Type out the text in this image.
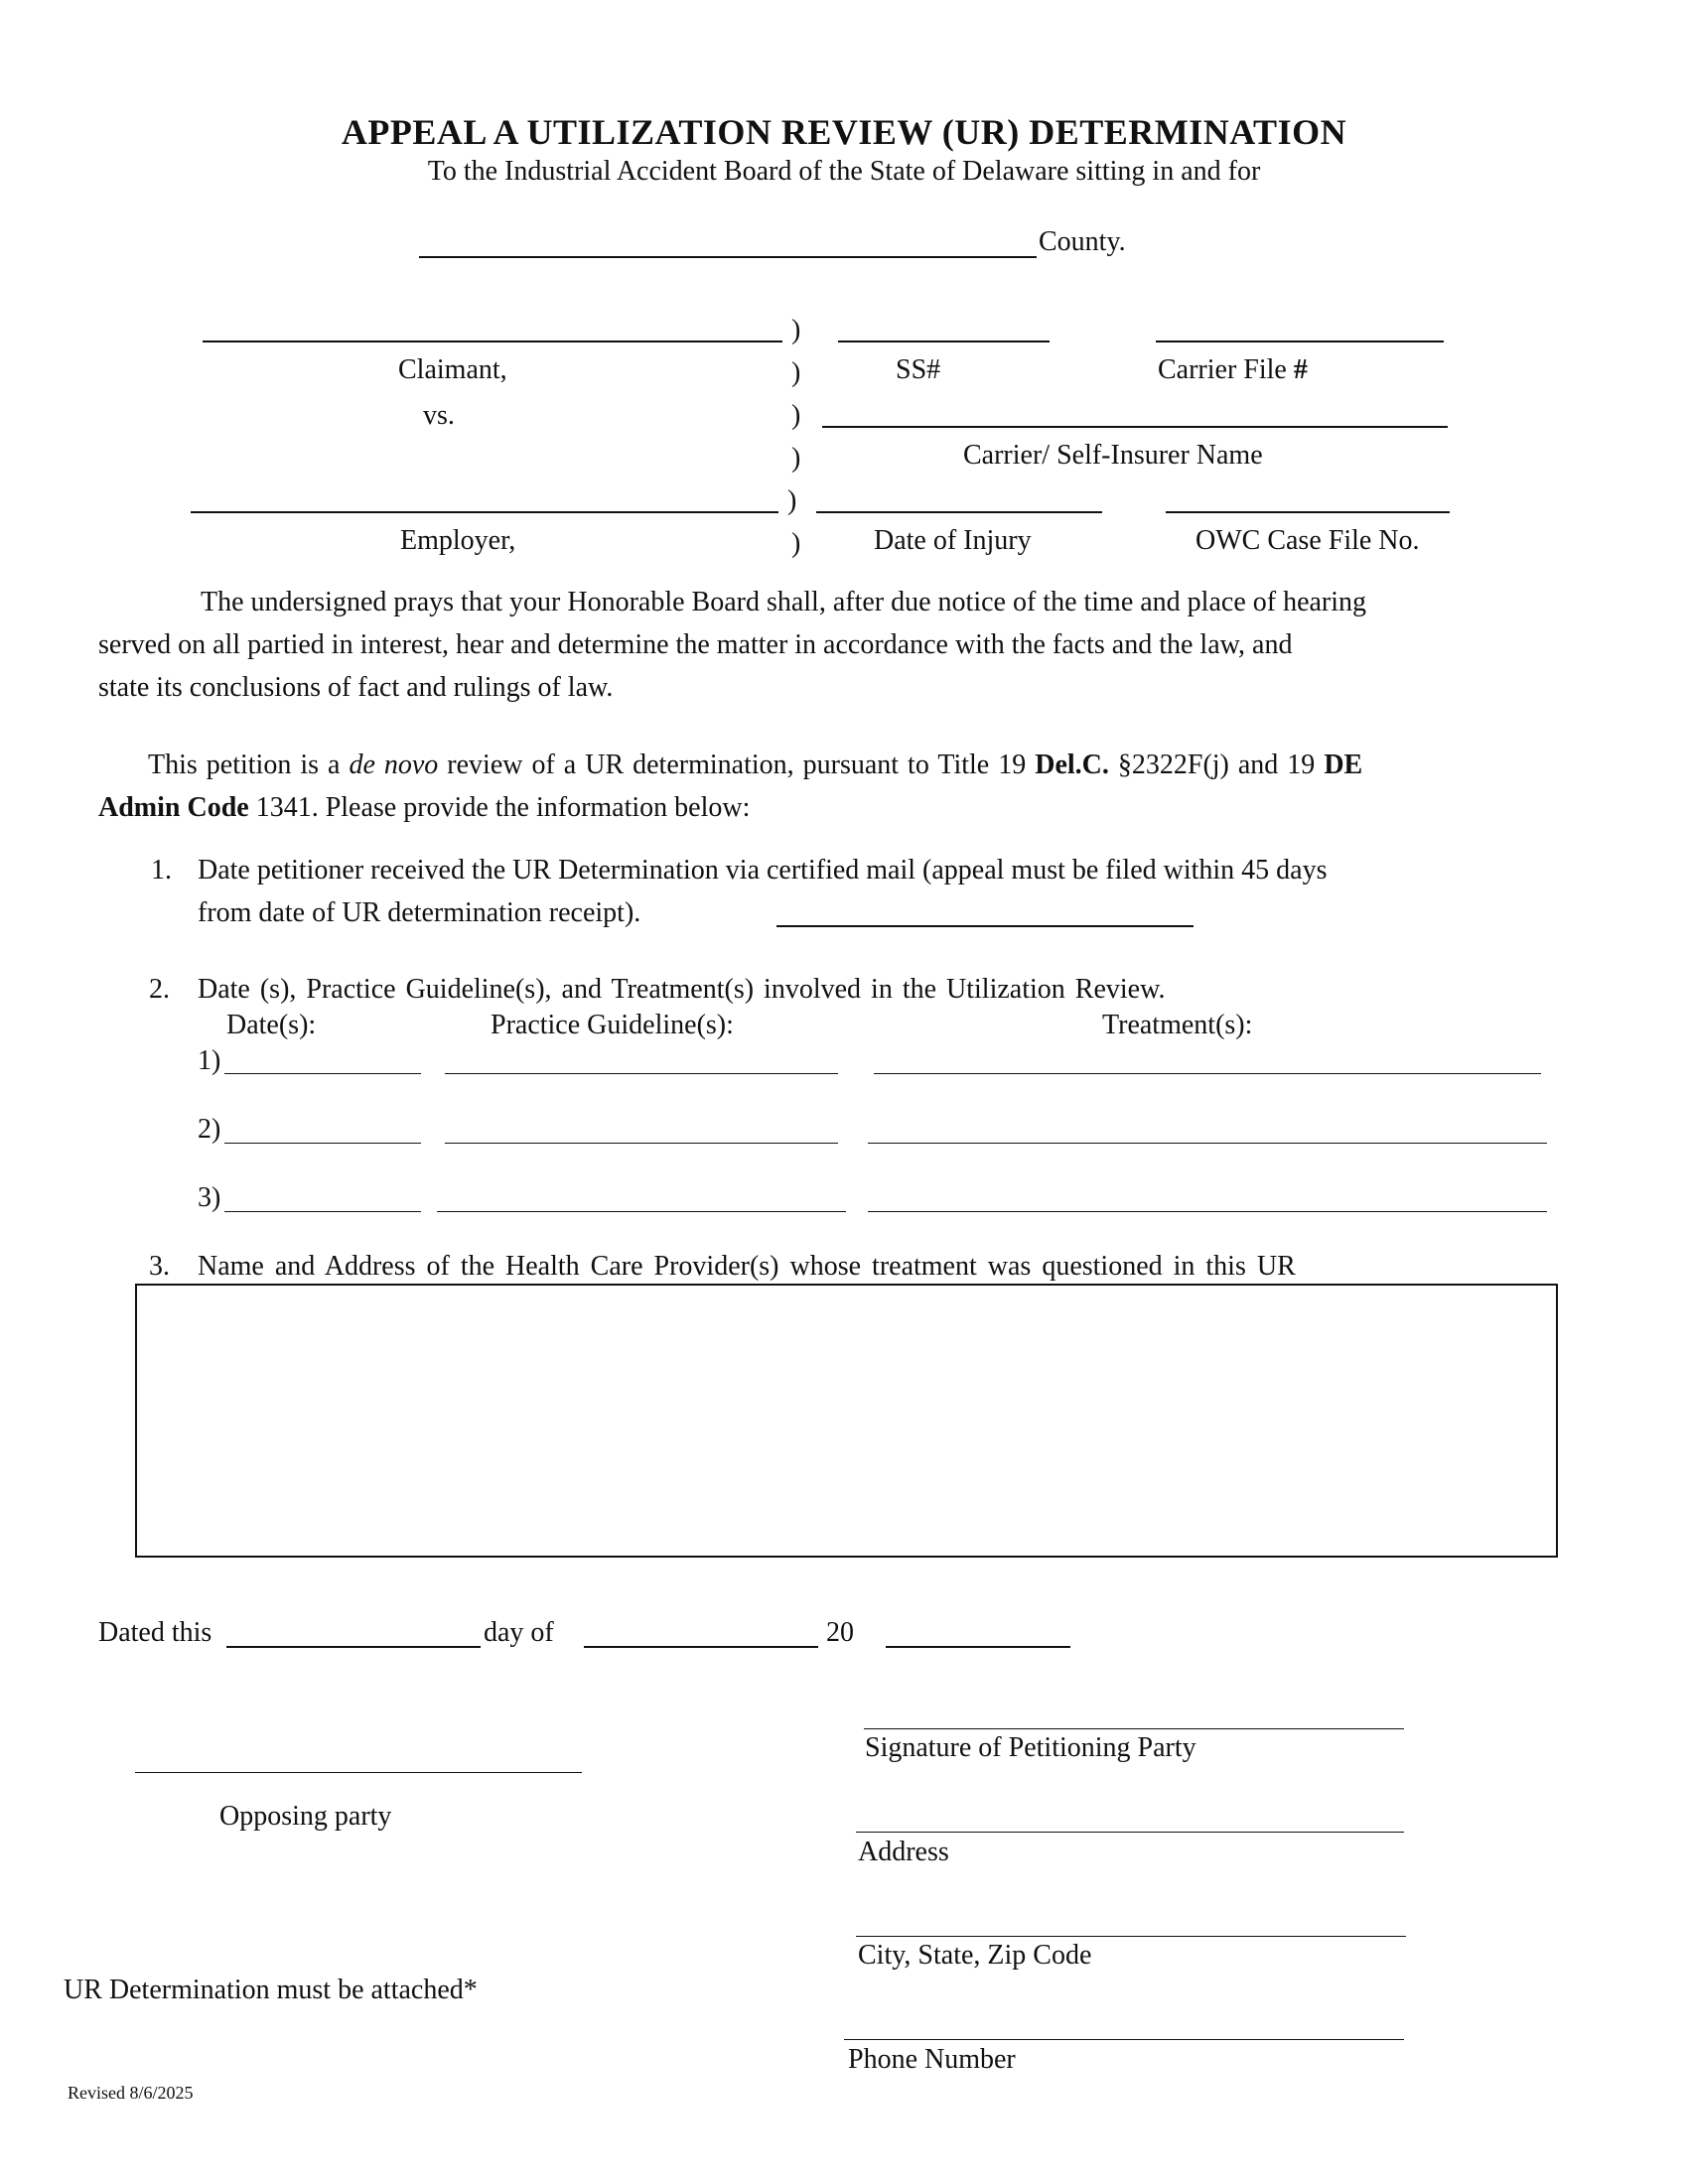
APPEAL A UTILIZATION REVIEW (UR) DETERMINATION
To the Industrial Accident Board of the State of Delaware sitting in and for
County.
)
)
)
)
)
)
Claimant,	SS#	Carrier File #
vs.
Carrier/ Self-Insurer Name
Employer,	Date of Injury	OWC Case File No.
The undersigned prays that your Honorable Board shall, after due notice of the time and place of hearing
served on all partied in interest, hear and determine the matter in accordance with the facts and the law, and
state its conclusions of fact and rulings of law.
This petition is a de novo review of a UR determination, pursuant to Title 19 Del.C. §2322F(j) and 19 DE
Admin Code 1341. Please provide the information below:
1. Date petitioner received the UR Determination via certified mail (appeal must be filed within 45 days
from date of UR determination receipt).
2. Date (s), Practice Guideline(s), and Treatment(s) involved in the Utilization Review.
Date(s):	Practice Guideline(s):	Treatment(s):
1)
2)
3)
3. Name and Address of the Health Care Provider(s) whose treatment was questioned in this UR
Dated this	day of	20
Signature of Petitioning Party
Opposing party
Address
City, State, Zip Code
UR Determination must be attached*
Phone Number
Revised 8/6/2025
